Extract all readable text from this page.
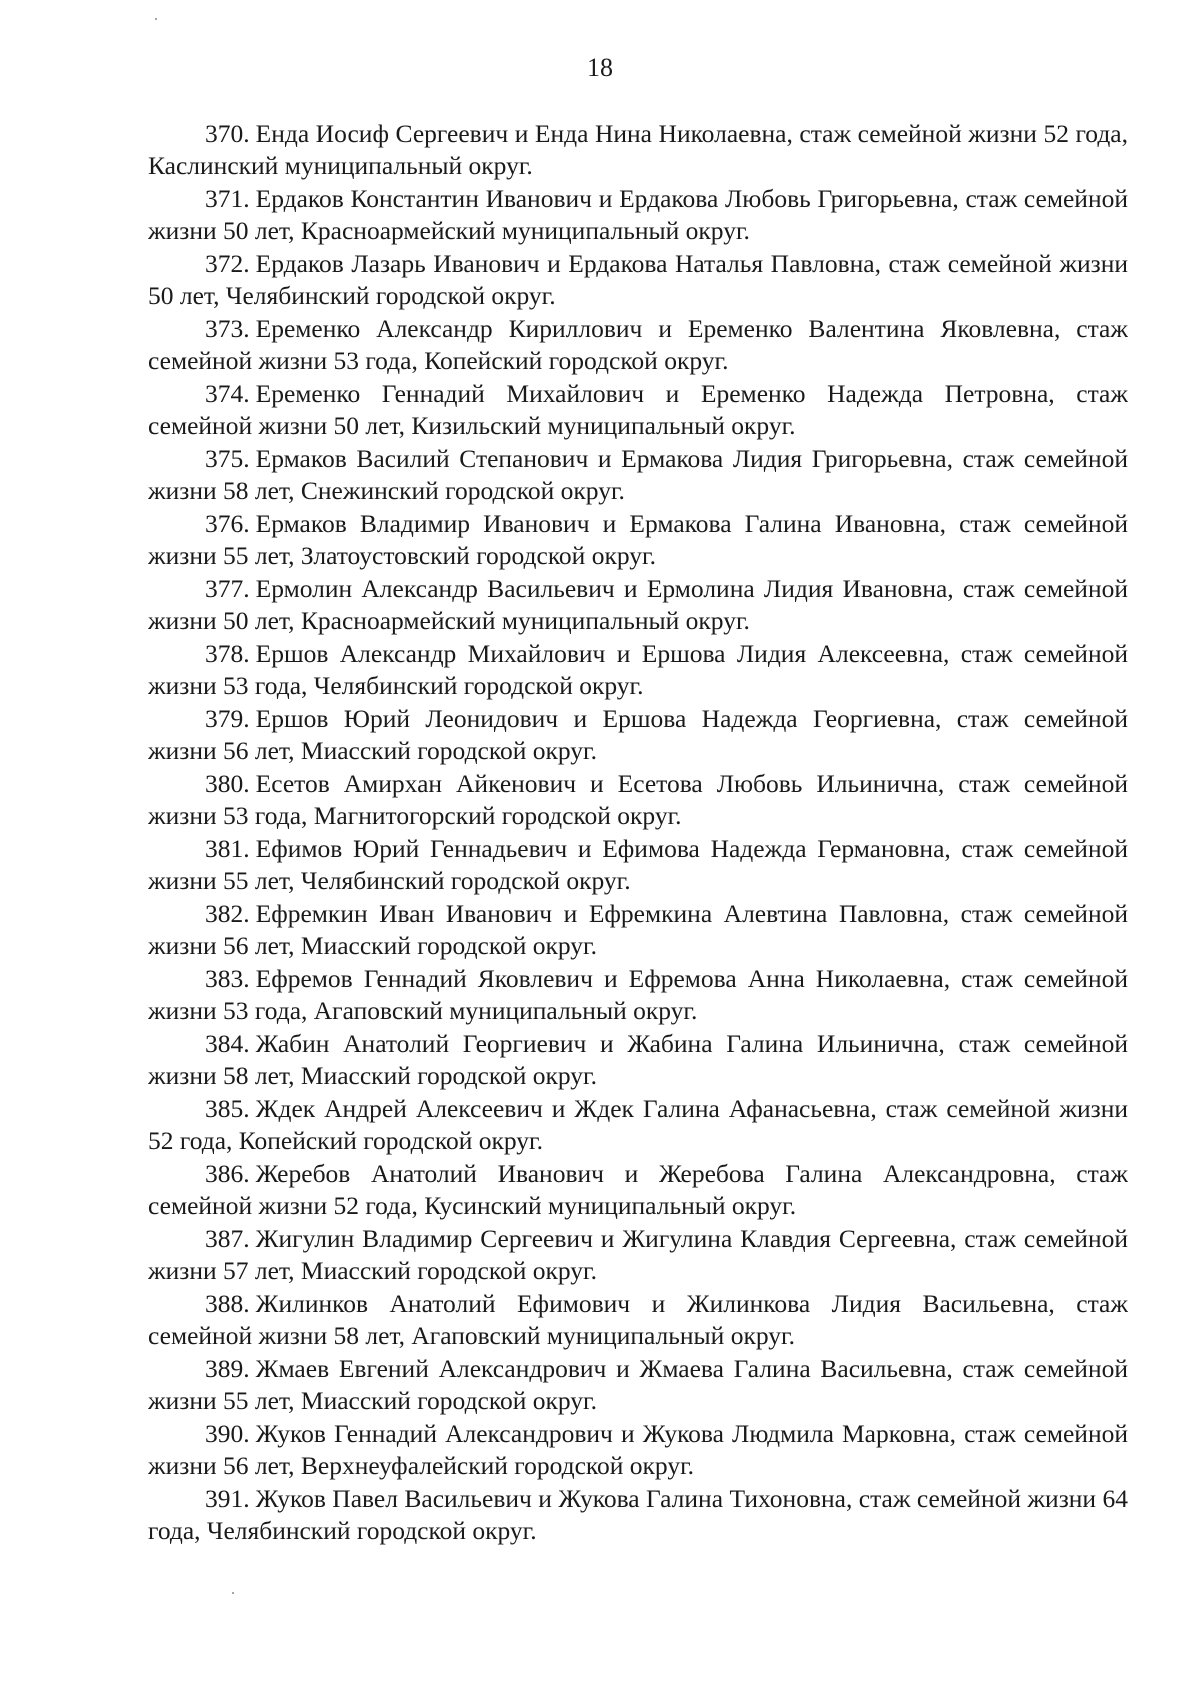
18

370. Енда Иосиф Сергеевич и Енда Нина Николаевна, стаж семейной жизни 52 года, Каслинский муниципальный округ.

371. Ердаков Константин Иванович и Ердакова Любовь Григорьевна, стаж семейной жизни 50 лет, Красноармейский муниципальный округ.

372. Ердаков Лазарь Иванович и Ердакова Наталья Павловна, стаж семейной жизни 50 лет, Челябинский городской округ.

373. Еременко Александр Кириллович и Еременко Валентина Яковлевна, стаж семейной жизни 53 года, Копейский городской округ.

374. Еременко Геннадий Михайлович и Еременко Надежда Петровна, стаж семейной жизни 50 лет, Кизильский муниципальный округ.

375. Ермаков Василий Степанович и Ермакова Лидия Григорьевна, стаж семейной жизни 58 лет, Снежинский городской округ.

376. Ермаков Владимир Иванович и Ермакова Галина Ивановна, стаж семейной жизни 55 лет, Златоустовский городской округ.

377. Ермолин Александр Васильевич и Ермолина Лидия Ивановна, стаж семейной жизни 50 лет, Красноармейский муниципальный округ.

378. Ершов Александр Михайлович и Ершова Лидия Алексеевна, стаж семейной жизни 53 года, Челябинский городской округ.

379. Ершов Юрий Леонидович и Ершова Надежда Георгиевна, стаж семейной жизни 56 лет, Миасский городской округ.

380. Есетов Амирхан Айкенович и Есетова Любовь Ильинична, стаж семейной жизни 53 года, Магнитогорский городской округ.

381. Ефимов Юрий Геннадьевич и Ефимова Надежда Германовна, стаж семейной жизни 55 лет, Челябинский городской округ.

382. Ефремкин Иван Иванович и Ефремкина Алевтина Павловна, стаж семейной жизни 56 лет, Миасский городской округ.

383. Ефремов Геннадий Яковлевич и Ефремова Анна Николаевна, стаж семейной жизни 53 года, Агаповский муниципальный округ.

384. Жабин Анатолий Георгиевич и Жабина Галина Ильинична, стаж семейной жизни 58 лет, Миасский городской округ.

385. Ждек Андрей Алексеевич и Ждек Галина Афанасьевна, стаж семейной жизни 52 года, Копейский городской округ.

386. Жеребов Анатолий Иванович и Жеребова Галина Александровна, стаж семейной жизни 52 года, Кусинский муниципальный округ.

387. Жигулин Владимир Сергеевич и Жигулина Клавдия Сергеевна, стаж семейной жизни 57 лет, Миасский городской округ.

388. Жилинков Анатолий Ефимович и Жилинкова Лидия Васильевна, стаж семейной жизни 58 лет, Агаповский муниципальный округ.

389. Жмаев Евгений Александрович и Жмаева Галина Васильевна, стаж семейной жизни 55 лет, Миасский городской округ.

390. Жуков Геннадий Александрович и Жукова Людмила Марковна, стаж семейной жизни 56 лет, Верхнеуфалейский городской округ.

391. Жуков Павел Васильевич и Жукова Галина Тихоновна, стаж семейной жизни 64 года, Челябинский городской округ.
